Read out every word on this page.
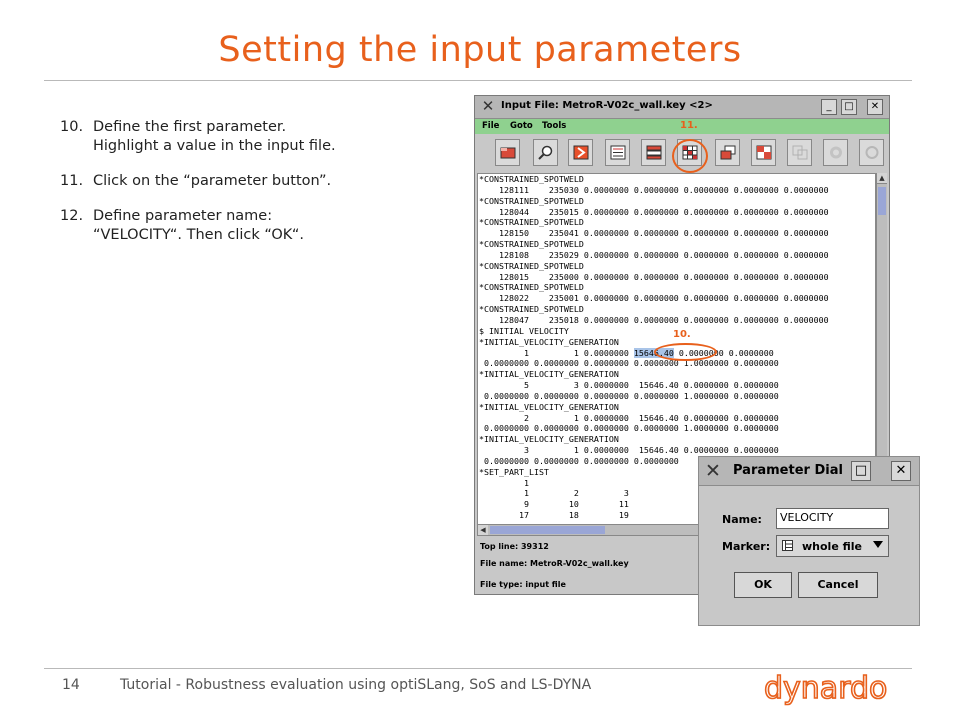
Setting the input parameters
10. Define the first parameter.
Highlight a value in the input file.
11. Click on the “parameter button”.
12. Define parameter name:
“VELOCITY“. Then click “OK“.
✕ Input File: MetroR-V02c_wall.key <2>	_	□	✕
File Goto Tools
*CONSTRAINED_SPOTWELD
128111    235030 0.0000000 0.0000000 0.0000000 0.0000000 0.0000000
*CONSTRAINED_SPOTWELD
128044    235015 0.0000000 0.0000000 0.0000000 0.0000000 0.0000000
*CONSTRAINED_SPOTWELD
128150    235041 0.0000000 0.0000000 0.0000000 0.0000000 0.0000000
*CONSTRAINED_SPOTWELD
128108    235029 0.0000000 0.0000000 0.0000000 0.0000000 0.0000000
*CONSTRAINED_SPOTWELD
128015    235000 0.0000000 0.0000000 0.0000000 0.0000000 0.0000000
*CONSTRAINED_SPOTWELD
128022    235001 0.0000000 0.0000000 0.0000000 0.0000000 0.0000000
*CONSTRAINED_SPOTWELD
128047    235018 0.0000000 0.0000000 0.0000000 0.0000000 0.0000000
$ INITIAL VELOCITY
*INITIAL_VELOCITY_GENERATION
1         1 0.0000000 15646.40 0.0000000 0.0000000
0.0000000 0.0000000 0.0000000 0.0000000 1.0000000 0.0000000
*INITIAL_VELOCITY_GENERATION
5         3 0.0000000  15646.40 0.0000000 0.0000000
0.0000000 0.0000000 0.0000000 0.0000000 1.0000000 0.0000000
*INITIAL_VELOCITY_GENERATION
2         1 0.0000000  15646.40 0.0000000 0.0000000
0.0000000 0.0000000 0.0000000 0.0000000 1.0000000 0.0000000
*INITIAL_VELOCITY_GENERATION
3         1 0.0000000  15646.40 0.0000000 0.0000000
0.0000000 0.0000000 0.0000000 0.0000000
*SET_PART_LIST
1
1         2         3
9        10        11
17        18        19
▲
◀
Top line: 39312
File name: MetroR-V02c_wall.key
File type: input file
11.
10.
✕ Parameter Dial □	✕
Name:	VELOCITY
Marker:	whole file
OK	Cancel
14	Tutorial - Robustness evaluation using optiSLang, SoS and LS-DYNA	dynardo
